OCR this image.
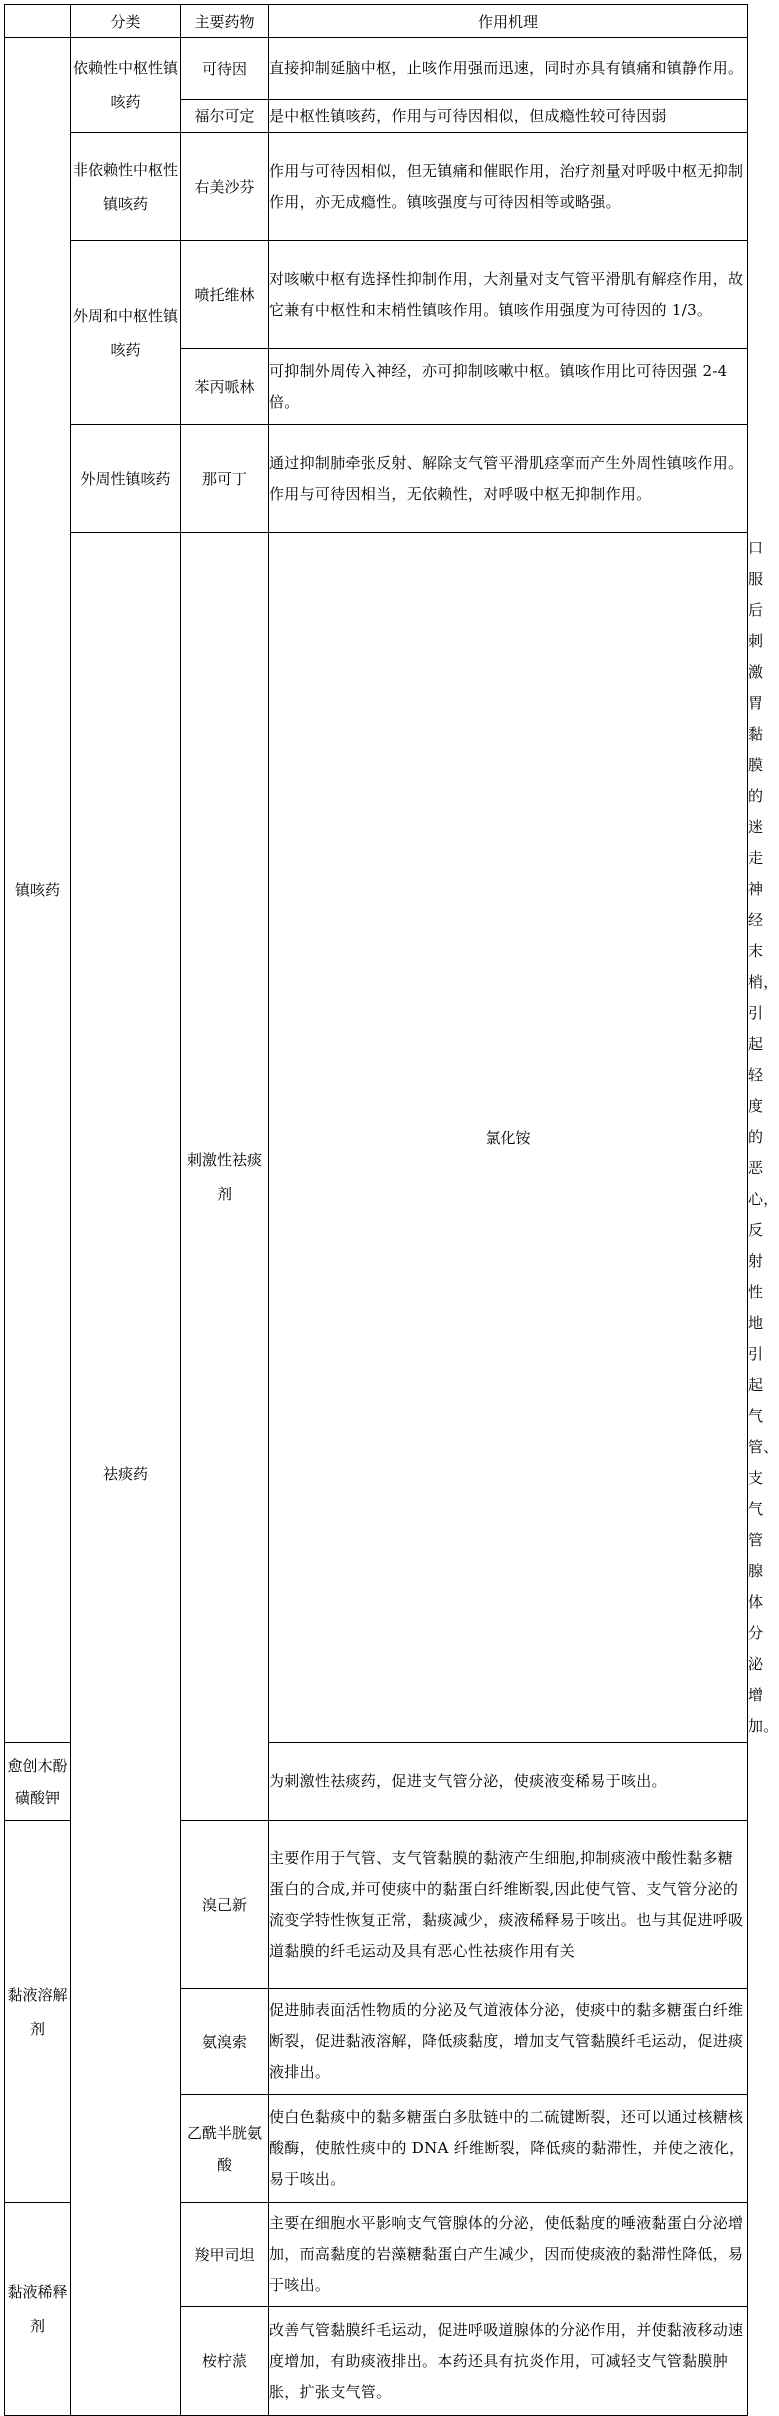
	分类	主要药物	作用机理	
镇咳药	依赖性中枢性镇咳药	可待因	直接抑制延脑中枢，止咳作用强而迅速，同时亦具有镇痛和镇静作用。	
		福尔可定	是中枢性镇咳药，作用与可待因相似，但成瘾性较可待因弱	
	非依赖性中枢性镇咳药	右美沙芬	作用与可待因相似，但无镇痛和催眠作用，治疗剂量对呼吸中枢无抑制作用，亦无成瘾性。镇咳强度与可待因相等或略强。	
	外周和中枢性镇咳药	喷托维林	对咳嗽中枢有选择性抑制作用，大剂量对支气管平滑肌有解痉作用，故它兼有中枢性和末梢性镇咳作用。镇咳作用强度为可待因的 1/3。	
		苯丙哌林	可抑制外周传入神经，亦可抑制咳嗽中枢。镇咳作用比可待因强 2-4 倍。	
	外周性镇咳药	那可丁	通过抑制肺牵张反射、解除支气管平滑肌痉挛而产生外周性镇咳作用。作用与可待因相当，无依赖性，对呼吸中枢无抑制作用。	
	祛痰药	刺激性祛痰剂	氯化铵	口服后刺激胃黏膜的迷走神经末梢，引起轻度的恶心，反射性地引起气管、支气管腺体分泌增加。
愈创木酚磺酸钾			为刺激性祛痰药，促进支气管分泌，使痰液变稀易于咳出。	
黏液溶解剂		溴己新	主要作用于气管、支气管黏膜的黏液产生细胞,抑制痰液中酸性黏多糖蛋白的合成,并可使痰中的黏蛋白纤维断裂,因此使气管、支气管分泌的流变学特性恢复正常，黏痰减少，痰液稀释易于咳出。也与其促进呼吸道黏膜的纤毛运动及具有恶心性祛痰作用有关	
		氨溴索	促进肺表面活性物质的分泌及气道液体分泌，使痰中的黏多糖蛋白纤维断裂，促进黏液溶解，降低痰黏度，增加支气管黏膜纤毛运动，促进痰液排出。	
		乙酰半胱氨酸	使白色黏痰中的黏多糖蛋白多肽链中的二硫键断裂，还可以通过核糖核酸酶，使脓性痰中的 DNA 纤维断裂，降低痰的黏滞性，并使之液化，易于咳出。	
黏液稀释剂		羧甲司坦	主要在细胞水平影响支气管腺体的分泌，使低黏度的唾液黏蛋白分泌增加，而高黏度的岩藻糖黏蛋白产生减少，因而使痰液的黏滞性降低，易于咳出。	
		桉柠蒎	改善气管黏膜纤毛运动，促进呼吸道腺体的分泌作用，并使黏液移动速度增加，有助痰液排出。本药还具有抗炎作用，可减轻支气管黏膜肿胀，扩张支气管。	
